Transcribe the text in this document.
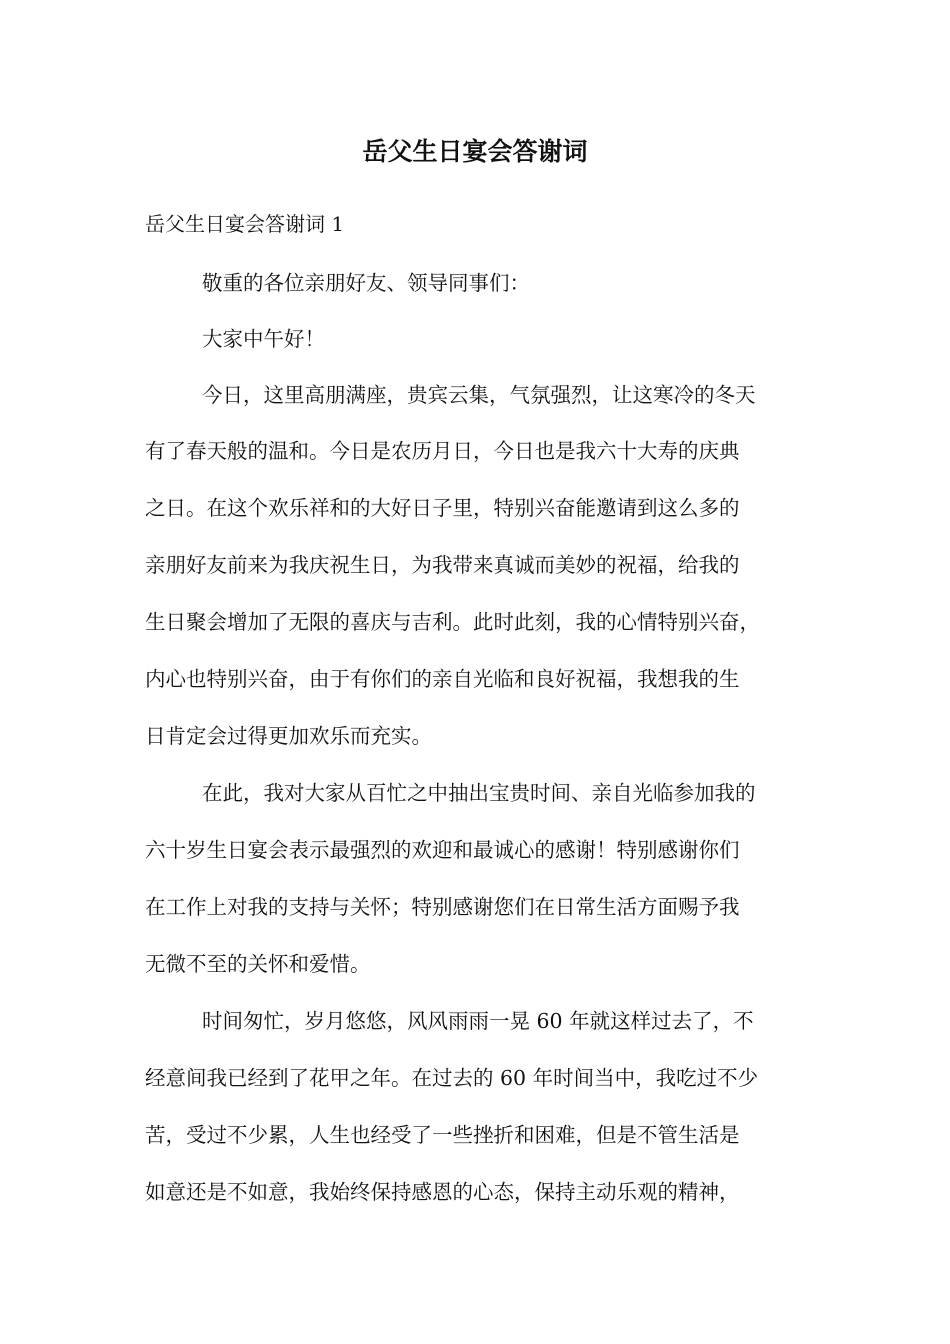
岳父生日宴会答谢词
岳父生日宴会答谢词 1
敬重的各位亲朋好友、领导同事们：
大家中午好！
今日，这里高朋满座，贵宾云集，气氛强烈，让这寒冷的冬天
有了春天般的温和。今日是农历月日，今日也是我六十大寿的庆典
之日。在这个欢乐祥和的大好日子里，特别兴奋能邀请到这么多的
亲朋好友前来为我庆祝生日，为我带来真诚而美妙的祝福，给我的
生日聚会增加了无限的喜庆与吉利。此时此刻，我的心情特别兴奋，
内心也特别兴奋，由于有你们的亲自光临和良好祝福，我想我的生
日肯定会过得更加欢乐而充实。
在此，我对大家从百忙之中抽出宝贵时间、亲自光临参加我的
六十岁生日宴会表示最强烈的欢迎和最诚心的感谢！特别感谢你们
在工作上对我的支持与关怀；特别感谢您们在日常生活方面赐予我
无微不至的关怀和爱惜。
时间匆忙，岁月悠悠，风风雨雨一晃 60 年就这样过去了，不
经意间我已经到了花甲之年。在过去的 60 年时间当中，我吃过不少
苦，受过不少累，人生也经受了一些挫折和困难，但是不管生活是
如意还是不如意，我始终保持感恩的心态，保持主动乐观的精神，
